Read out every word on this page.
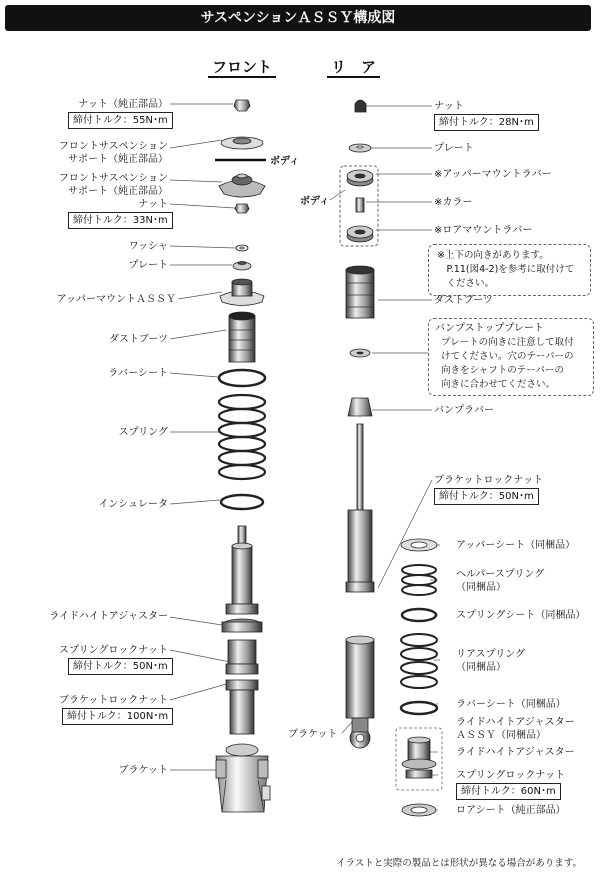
サスペンションＡＳＳＹ構成図
フロント	リ　ア
ボディ
ボディ
ナット（純正部品）
締付トルク：55N･m
フロントサスペンション
サポート（純正部品）
フロントサスペンション
サポート（純正部品）
ナット
締付トルク：33N･m
ワッシャ
プレート
アッパーマウントＡＳＳＹ
ダストブーツ
ラバーシート
スプリング
インシュレータ
ライドハイトアジャスター
スプリングロックナット
締付トルク：50N･m
ブラケットロックナット
締付トルク：100N･m
ブラケット
ナット
締付トルク：28N･m
プレート
※アッパーマウントラバー
※カラー
※ロアマウントラバー
※上下の向きがあります。
　P.11(図4-2)を参考に取付けて
　ください。
ダストブーツ
バンプストッププレート
プレートの向きに注意して取付
けてください。穴のテーパーの
向きをシャフトのテーパーの
向きに合わせてください。
バンプラバー
ブラケットロックナット
締付トルク：50N･m
アッパーシート（同梱品）
ヘルパースプリング
（同梱品）
スプリングシート（同梱品）
リアスプリング
（同梱品）
ラバーシート（同梱品）
ブラケット
ライドハイトアジャスター
ＡＳＳＹ（同梱品）
ライドハイトアジャスター
スプリングロックナット
締付トルク：60N･m
ロアシート（純正部品）
イラストと実際の製品とは形状が異なる場合があります。
